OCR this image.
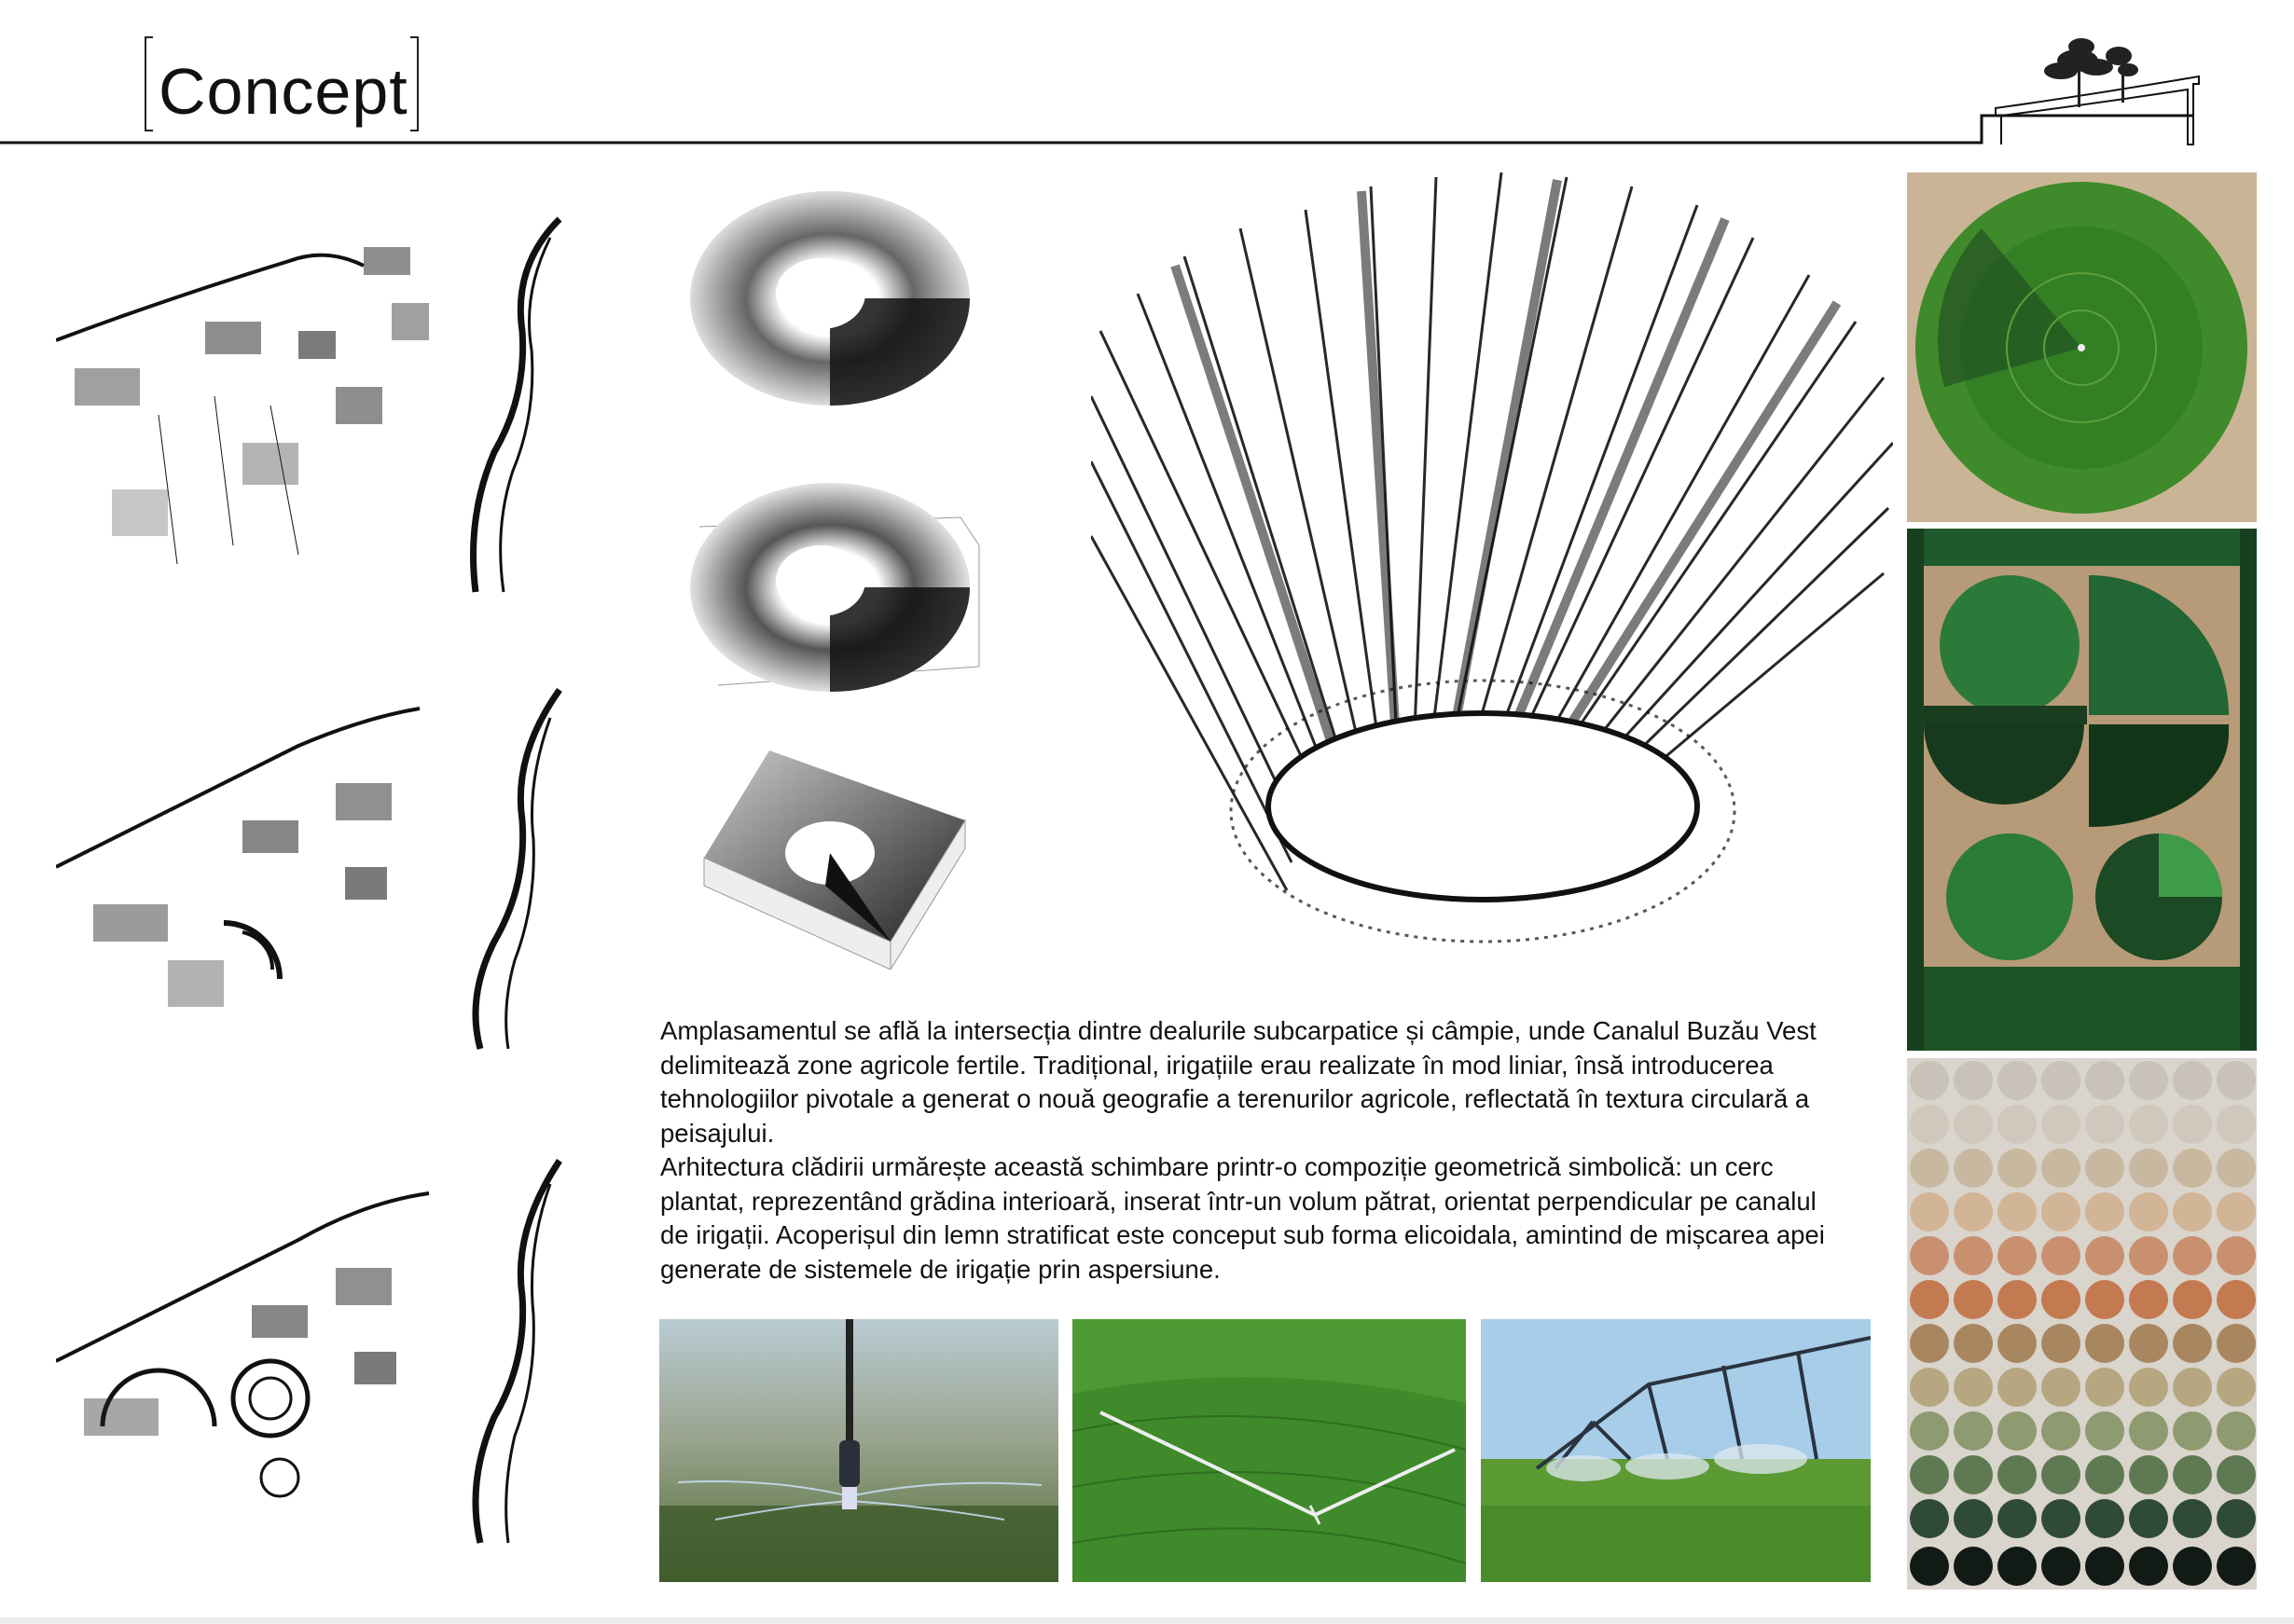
Concept

Amplasamentul se află la intersecția dintre dealurile subcarpatice și câmpie, unde Canalul Buzău Vest delimitează zone agricole fertile. Tradițional, irigațiile erau realizate în mod liniar, însă introducerea tehnologiilor pivotale a generat o nouă geografie a terenurilor agricole, reflectată în textura circulară a peisajului.

Arhitectura clădirii urmărește această schimbare printr-o compoziție geometrică simbolică: un cerc plantat, reprezentând grădina interioară, inserat într-un volum pătrat, orientat perpendicular pe canalul de irigații. Acoperișul din lemn stratificat este conceput sub forma elicoidala, amintind de mișcarea apei generate de sistemele de irigație prin aspersiune.
